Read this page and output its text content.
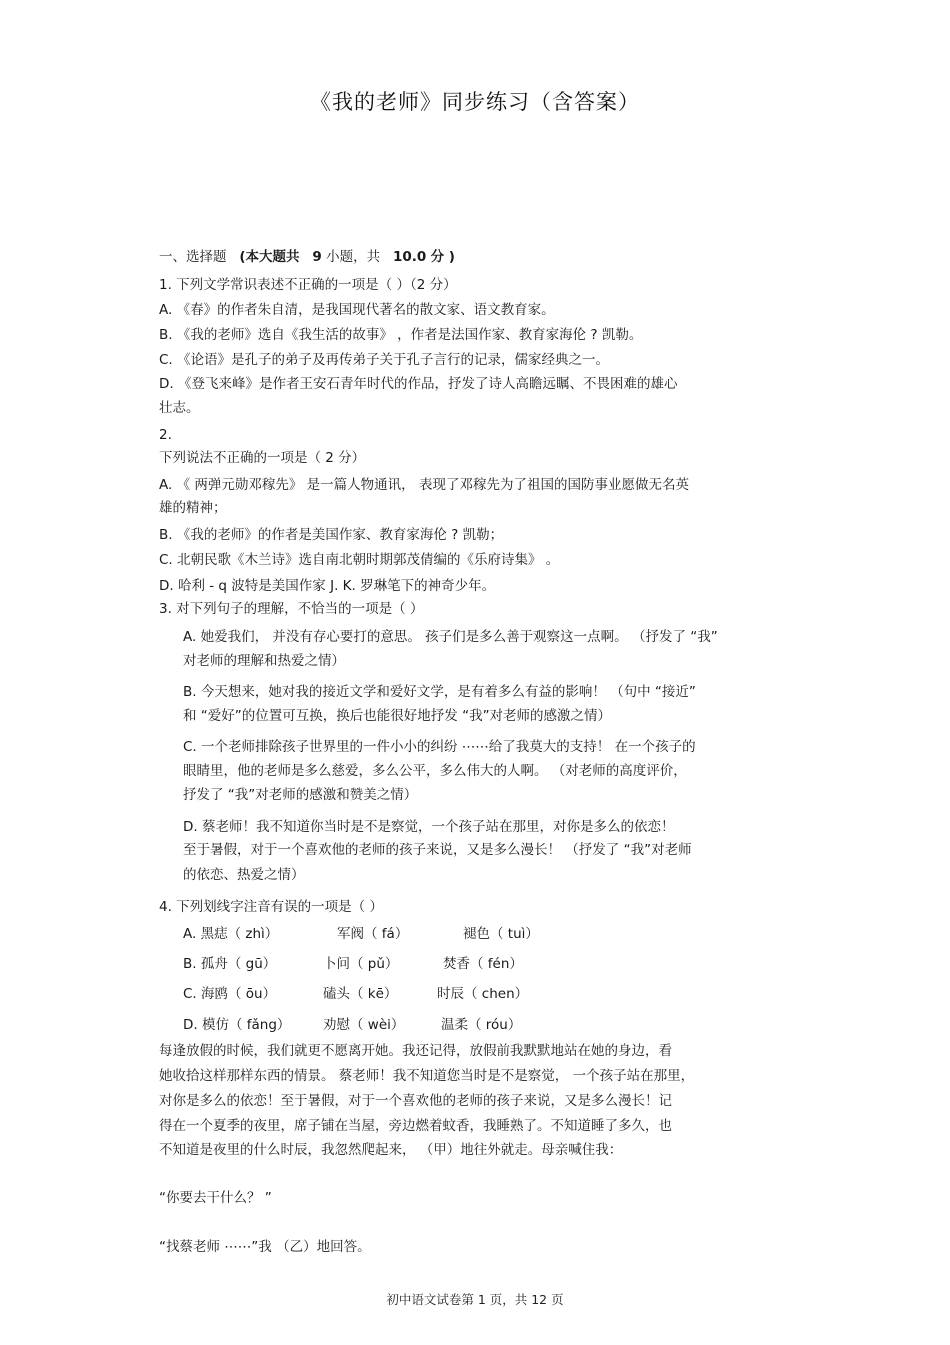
《我的老师》同步练习（含答案）
一、选择题 (本大题共 9 小题，共 10.0 分 )
1. 下列文学常识表述不正确的一项是（ ）（2 分）
A. 《春》的作者朱自清，是我国现代著名的散文家、语文教育家。
B. 《我的老师》选自《我生活的故事》 ，作者是法国作家、教育家海伦 ? 凯勒。
C. 《论语》是孔子的弟子及再传弟子关于孔子言行的记录，儒家经典之一。
D. 《登飞来峰》是作者王安石青年时代的作品，抒发了诗人高瞻远瞩、不畏困难的雄心
壮志。
2.
下列说法不正确的一项是（ 2 分）
A. 《 两弹元勋邓稼先》 是一篇人物通讯， 表现了邓稼先为了祖国的国防事业愿做无名英
雄的精神；
B. 《我的老师》的作者是美国作家、教育家海伦 ? 凯勒；
C. 北朝民歌《木兰诗》选自南北朝时期郭茂倩编的《乐府诗集》 。
D. 哈利 - q 波特是美国作家 J. K. 罗琳笔下的神奇少年。
3. 对下列句子的理解，不恰当的一项是（ ）
A. 她爱我们， 并没有存心要打的意思。 孩子们是多么善于观察这一点啊。 （抒发了 “我”
对老师的理解和热爱之情）
B. 今天想来，她对我的接近文学和爱好文学，是有着多么有益的影响！ （句中 “接近”
和 “爱好”的位置可互换，换后也能很好地抒发 “我”对老师的感激之情）
C. 一个老师排除孩子世界里的一件小小的纠纷 ⋯⋯给了我莫大的支持！ 在一个孩子的
眼睛里，他的老师是多么慈爱，多么公平，多么伟大的人啊。 （对老师的高度评价，
抒发了 “我”对老师的感激和赞美之情）
D. 蔡老师！我不知道你当时是不是察觉，一个孩子站在那里，对你是多么的依恋！
至于暑假，对于一个喜欢他的老师的孩子来说，又是多么漫长！ （抒发了 “我”对老师
的依恋、热爱之情）
4. 下列划线字注音有误的一项是（ ）
A. 黑痣（ zhì）	军阀（ fá）	褪色（ tuì）
B. 孤舟（ gū）	卜问（ pǔ）	焚香（ fén）
C. 海鸥（ ōu）	磕头（ kē）	时辰（ chen）
D. 模仿（ fǎng） 劝慰（ wèi）	温柔（ róu）
每逢放假的时候，我们就更不愿离开她。我还记得，放假前我默默地站在她的身边，看
她收拾这样那样东西的情景。 蔡老师！我不知道您当时是不是察觉， 一个孩子站在那里，
对你是多么的依恋！至于暑假，对于一个喜欢他的老师的孩子来说，又是多么漫长！记
得在一个夏季的夜里，席子铺在当屋，旁边燃着蚊香，我睡熟了。不知道睡了多久，也
不知道是夜里的什么时辰，我忽然爬起来， （甲）地往外就走。母亲喊住我：
“你要去干什么？ ”
“找蔡老师 ⋯⋯”我 （乙）地回答。
初中语文试卷第 1 页，共 12 页
